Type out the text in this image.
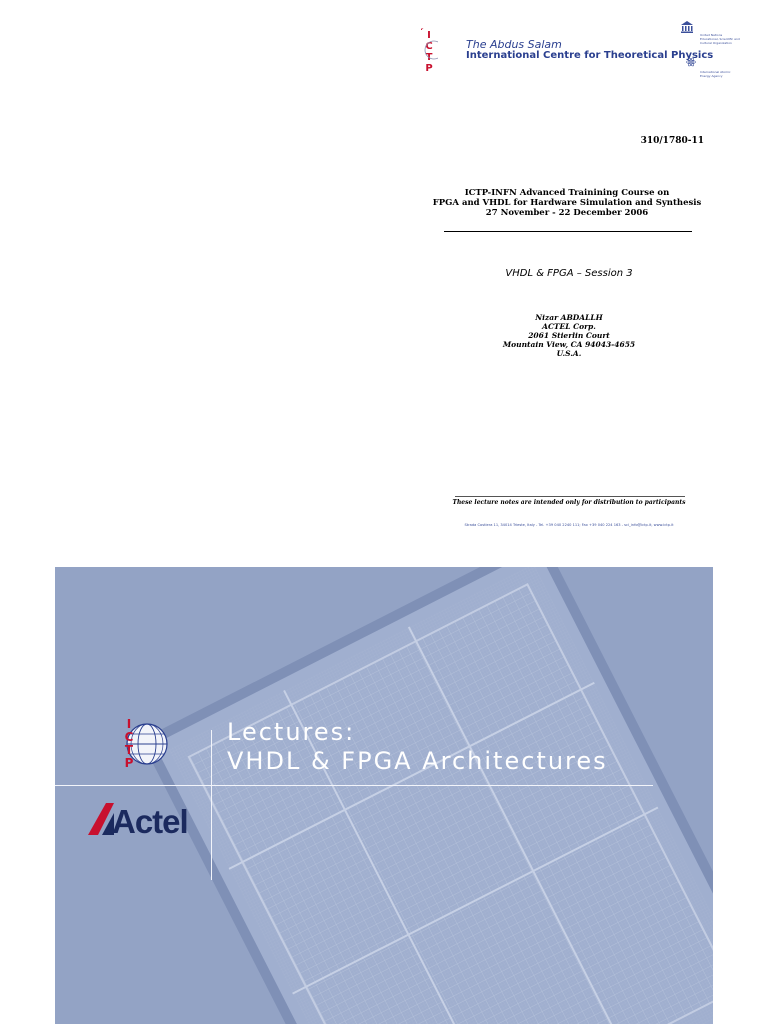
I
C
T
P
The Abdus Salam
International Centre for Theoretical Physics
United Nations Educational, Scientific and Cultural Organization
International Atomic Energy Agency
310/1780-11
ICTP-INFN Advanced Trainining Course on
FPGA and VHDL for Hardware Simulation and Synthesis
27 November - 22 December 2006
VHDL & FPGA – Session 3
Nizar ABDALLH
ACTEL Corp.
2061 Stierlin Court
Mountain View, CA 94043-4655
U.S.A.
These lecture notes are intended only for distribution to participants
Strada Costiera 11, 34014 Trieste, Italy - Tel. +39 040 2240 111; Fax +39 040 224 163 - sci_info@ictp.it, www.ictp.it
I
C
T
P
Lectures:
VHDL & FPGA Architectures
Actel
